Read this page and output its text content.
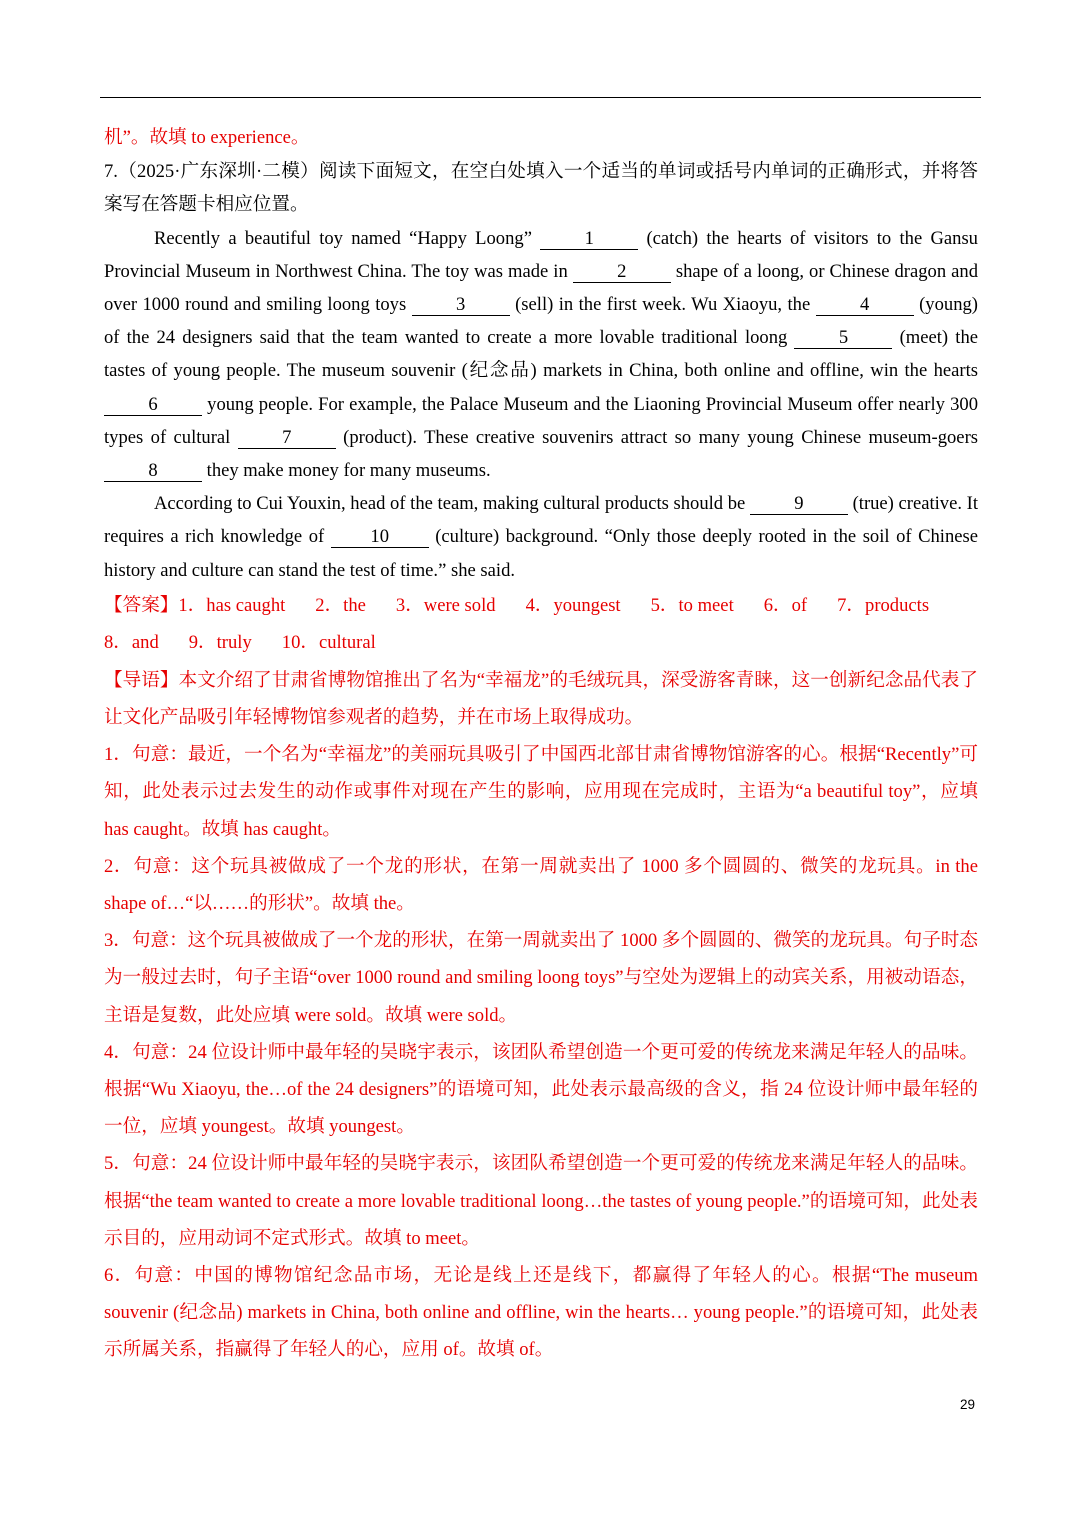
机”。故填 to experience。

7.（2025·广东深圳·二模）阅读下面短文，在空白处填入一个适当的单词或括号内单词的正确形式，并将答案写在答题卡相应位置。

Recently a beautiful toy named “Happy Loong” 1 (catch) the hearts of visitors to the Gansu Provincial Museum in Northwest China. The toy was made in 2 shape of a loong, or Chinese dragon and over 1000 round and smiling loong toys 3 (sell) in the first week. Wu Xiaoyu, the 4 (young) of the 24 designers said that the team wanted to create a more lovable traditional loong 5 (meet) the tastes of young people. The museum souvenir (纪念品) markets in China, both online and offline, win the hearts 6 young people. For example, the Palace Museum and the Liaoning Provincial Museum offer nearly 300 types of cultural 7 (product). These creative souvenirs attract so many young Chinese museum-goers 8 they make money for many museums.

According to Cui Youxin, head of the team, making cultural products should be 9 (true) creative. It requires a rich knowledge of 10 (culture) background. “Only those deeply rooted in the soil of Chinese history and culture can stand the test of time.” she said.

【答案】1．has caught 2．the 3．were sold 4．youngest 5．to meet 6．of 7．products

8．and 9．truly 10．cultural

【导语】本文介绍了甘肃省博物馆推出了名为“幸福龙”的毛绒玩具，深受游客青睐，这一创新纪念品代表了让文化产品吸引年轻博物馆参观者的趋势，并在市场上取得成功。

1．句意：最近，一个名为“幸福龙”的美丽玩具吸引了中国西北部甘肃省博物馆游客的心。根据“Recently”可知，此处表示过去发生的动作或事件对现在产生的影响，应用现在完成时，主语为“a beautiful toy”，应填 has caught。故填 has caught。

2．句意：这个玩具被做成了一个龙的形状，在第一周就卖出了 1000 多个圆圆的、微笑的龙玩具。in the shape of…“以……的形状”。故填 the。

3．句意：这个玩具被做成了一个龙的形状，在第一周就卖出了 1000 多个圆圆的、微笑的龙玩具。句子时态为一般过去时，句子主语“over 1000 round and smiling loong toys”与空处为逻辑上的动宾关系，用被动语态，主语是复数，此处应填 were sold。故填 were sold。

4．句意：24 位设计师中最年轻的吴晓宇表示，该团队希望创造一个更可爱的传统龙来满足年轻人的品味。根据“Wu Xiaoyu, the…of the 24 designers”的语境可知，此处表示最高级的含义，指 24 位设计师中最年轻的一位，应填 youngest。故填 youngest。

5．句意：24 位设计师中最年轻的吴晓宇表示，该团队希望创造一个更可爱的传统龙来满足年轻人的品味。根据“the team wanted to create a more lovable traditional loong…the tastes of young people.”的语境可知，此处表示目的，应用动词不定式形式。故填 to meet。

6．句意：中国的博物馆纪念品市场，无论是线上还是线下，都赢得了年轻人的心。根据“The museum souvenir (纪念品) markets in China, both online and offline, win the hearts… young people.”的语境可知，此处表示所属关系，指赢得了年轻人的心，应用 of。故填 of。

29
